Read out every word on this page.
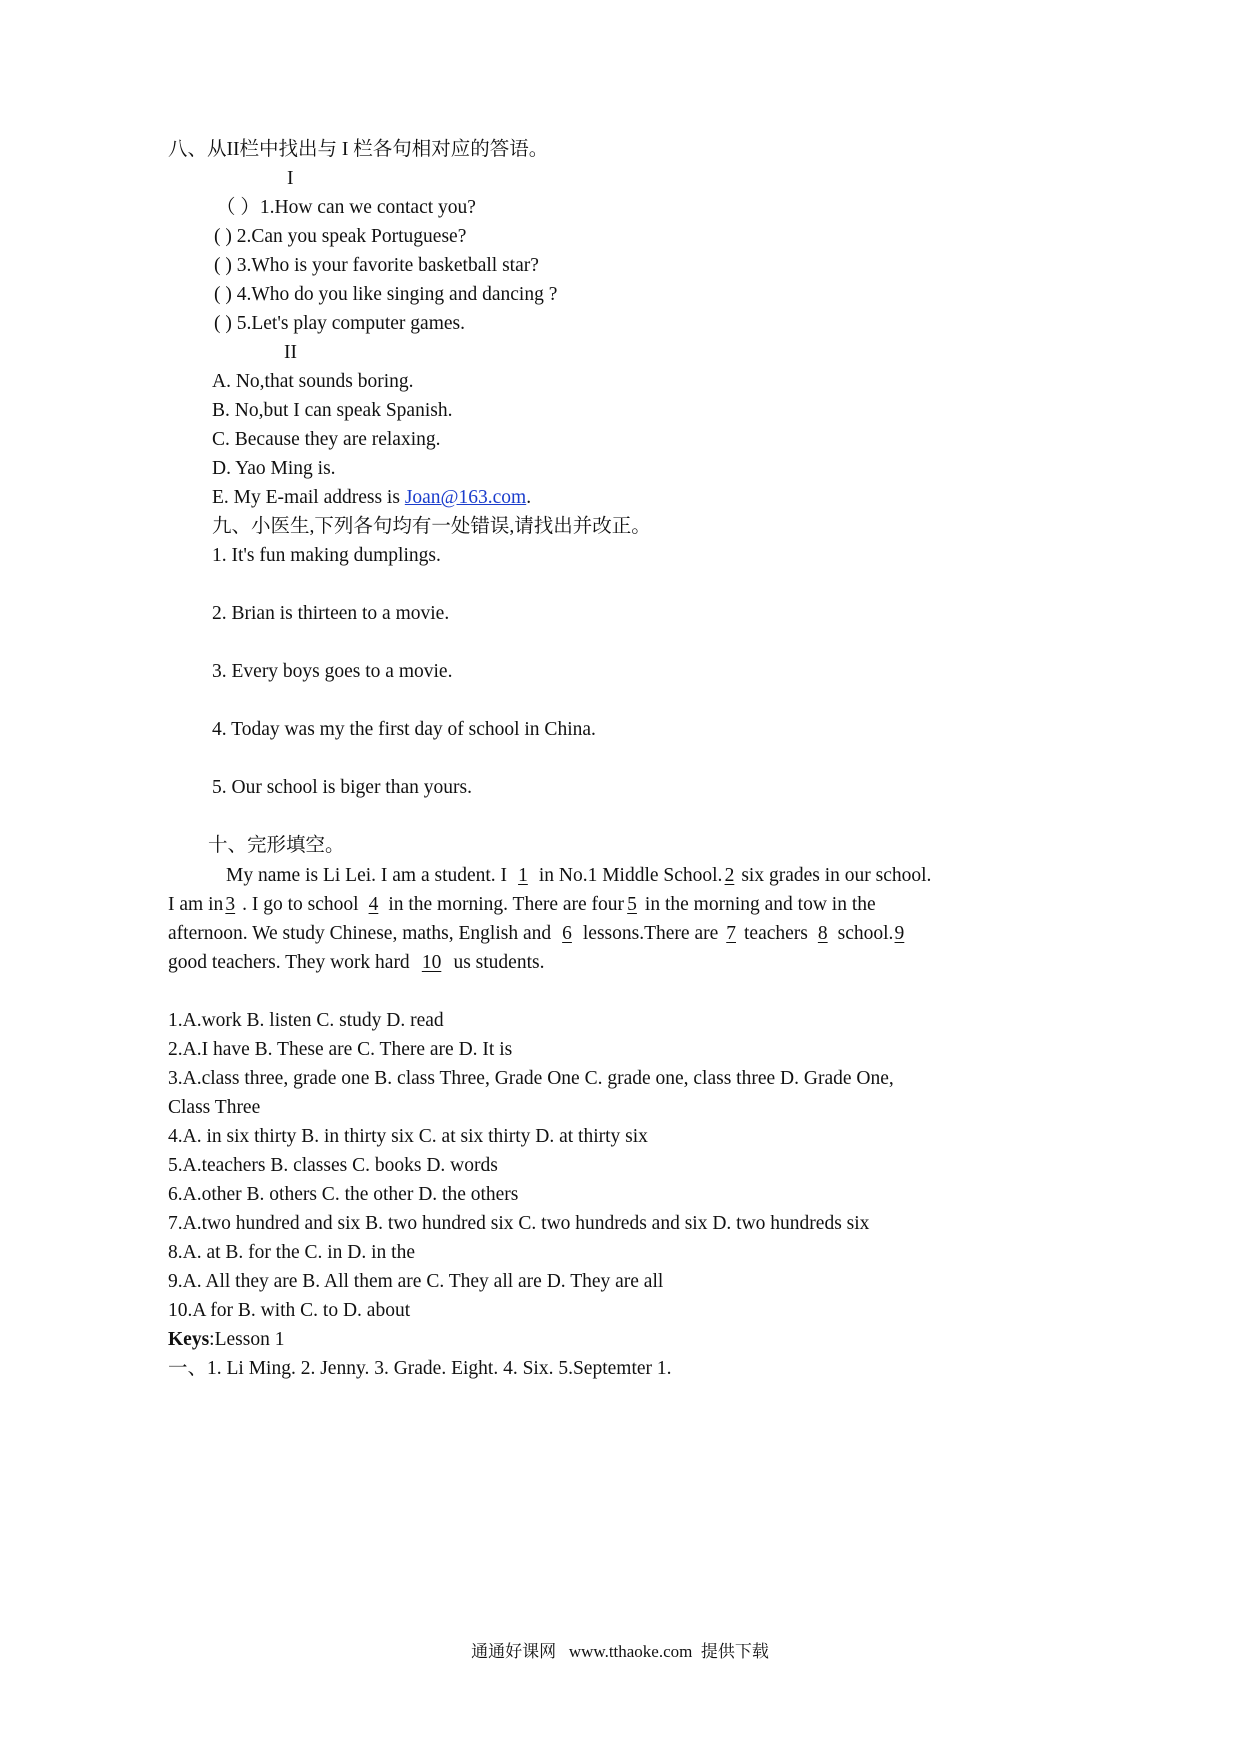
八、从II栏中找出与 I 栏各句相对应的答语。
I
（ ）1.How can we contact you?
( ) 2.Can you speak Portuguese?
( ) 3.Who is your favorite basketball star?
( ) 4.Who do you like singing and dancing ?
( ) 5.Let's play computer games.
II
A. No,that sounds boring.
B. No,but I can speak Spanish.
C. Because they are relaxing.
D. Yao Ming is.
E. My E-mail address is Joan@163.com.
九、小医生,下列各句均有一处错误,请找出并改正。
1. It's fun making dumplings.
2. Brian is thirteen to a movie.
3. Every boys goes to a movie.
4. Today was my the first day of school in China.
5. Our school is biger than yours.
十、完形填空。
My name is Li Lei. I am a student. I 1 in No.1 Middle School. 2 six grades in our school.
I am in 3 . I go to school 4 in the morning. There are four 5 in the morning and tow in the
afternoon. We study Chinese, maths, English and 6 lessons.There are 7 teachers 8 school.9
good teachers. They work hard 10 us students.
1.A.work B. listen C. study D. read
2.A.I have B. These are C. There are D. It is
3.A.class three, grade one B. class Three, Grade One C. grade one, class three D. Grade One,
Class Three
4.A. in six thirty B. in thirty six C. at six thirty D. at thirty six
5.A.teachers B. classes C. books D. words
6.A.other B. others C. the other D. the others
7.A.two hundred and six B. two hundred six C. two hundreds and six D. two hundreds six
8.A. at B. for the C. in D. in the
9.A. All they are B. All them are C. They all are D. They are all
10.A for B. with C. to D. about
Keys:Lesson 1
一、1. Li Ming. 2. Jenny. 3. Grade. Eight. 4. Six. 5.Septemter 1.
通通好课网   www.tthaoke.com  提供下载
